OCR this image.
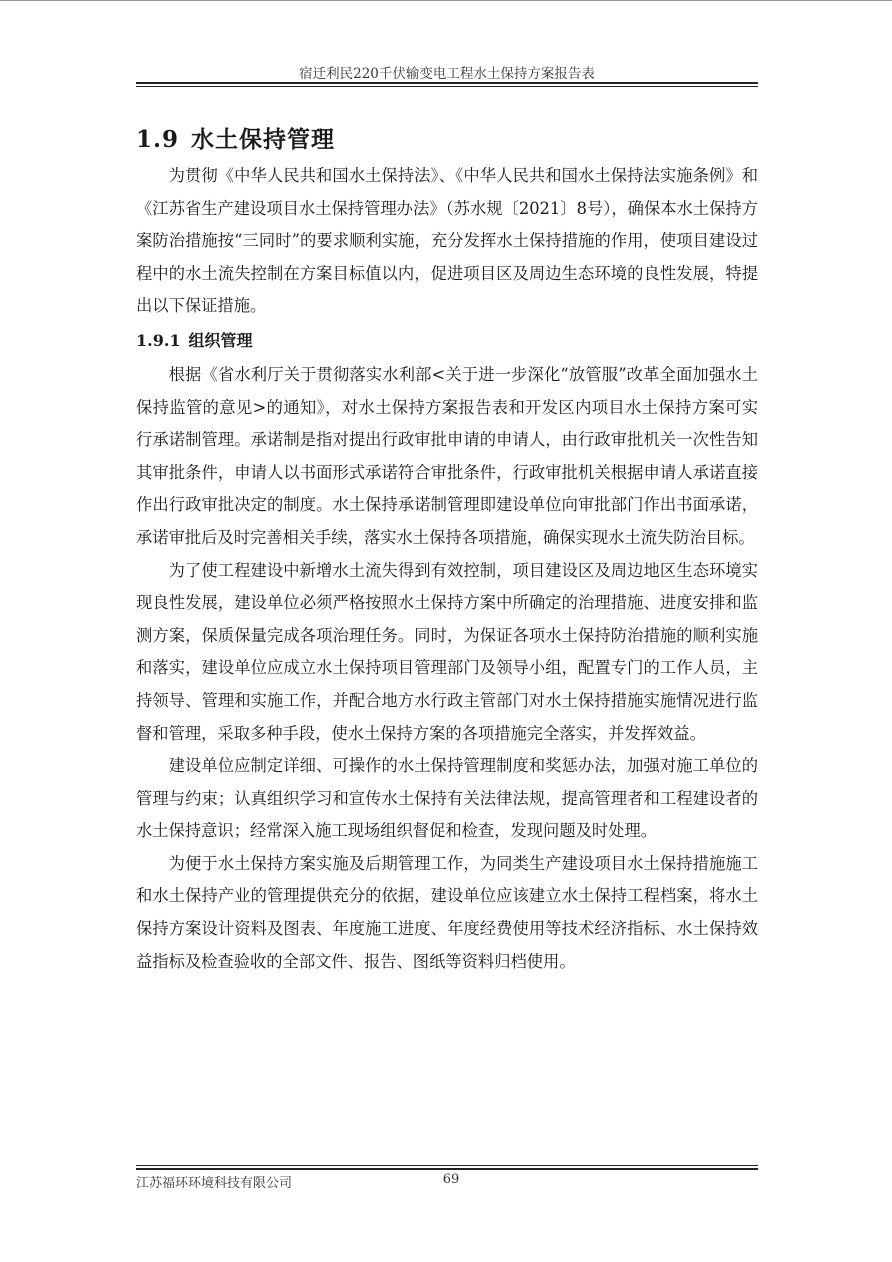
宿迁利民220千伏输变电工程水土保持方案报告表
1.9 水土保持管理

为贯彻《中华人民共和国水土保持法》、《中华人民共和国水土保持法实施条例》和《江苏省生产建设项目水土保持管理办法》（苏水规〔2021〕8号），确保本水土保持方案防治措施按“三同时”的要求顺利实施，充分发挥水土保持措施的作用，使项目建设过程中的水土流失控制在方案目标值以内，促进项目区及周边生态环境的良性发展，特提出以下保证措施。

1.9.1 组织管理

根据《省水利厅关于贯彻落实水利部<关于进一步深化“放管服”改革全面加强水土保持监管的意见>的通知》，对水土保持方案报告表和开发区内项目水土保持方案可实行承诺制管理。承诺制是指对提出行政审批申请的申请人，由行政审批机关一次性告知其审批条件，申请人以书面形式承诺符合审批条件，行政审批机关根据申请人承诺直接作出行政审批决定的制度。水土保持承诺制管理即建设单位向审批部门作出书面承诺，承诺审批后及时完善相关手续，落实水土保持各项措施，确保实现水土流失防治目标。

为了使工程建设中新增水土流失得到有效控制，项目建设区及周边地区生态环境实现良性发展，建设单位必须严格按照水土保持方案中所确定的治理措施、进度安排和监测方案，保质保量完成各项治理任务。同时，为保证各项水土保持防治措施的顺利实施和落实，建设单位应成立水土保持项目管理部门及领导小组，配置专门的工作人员，主持领导、管理和实施工作，并配合地方水行政主管部门对水土保持措施实施情况进行监督和管理，采取多种手段，使水土保持方案的各项措施完全落实，并发挥效益。

建设单位应制定详细、可操作的水土保持管理制度和奖惩办法，加强对施工单位的管理与约束；认真组织学习和宣传水土保持有关法律法规，提高管理者和工程建设者的水土保持意识；经常深入施工现场组织督促和检查，发现问题及时处理。

为便于水土保持方案实施及后期管理工作，为同类生产建设项目水土保持措施施工和水土保持产业的管理提供充分的依据，建设单位应该建立水土保持工程档案，将水土保持方案设计资料及图表、年度施工进度、年度经费使用等技术经济指标、水土保持效益指标及检查验收的全部文件、报告、图纸等资料归档使用。

江苏福环环境科技有限公司	69
